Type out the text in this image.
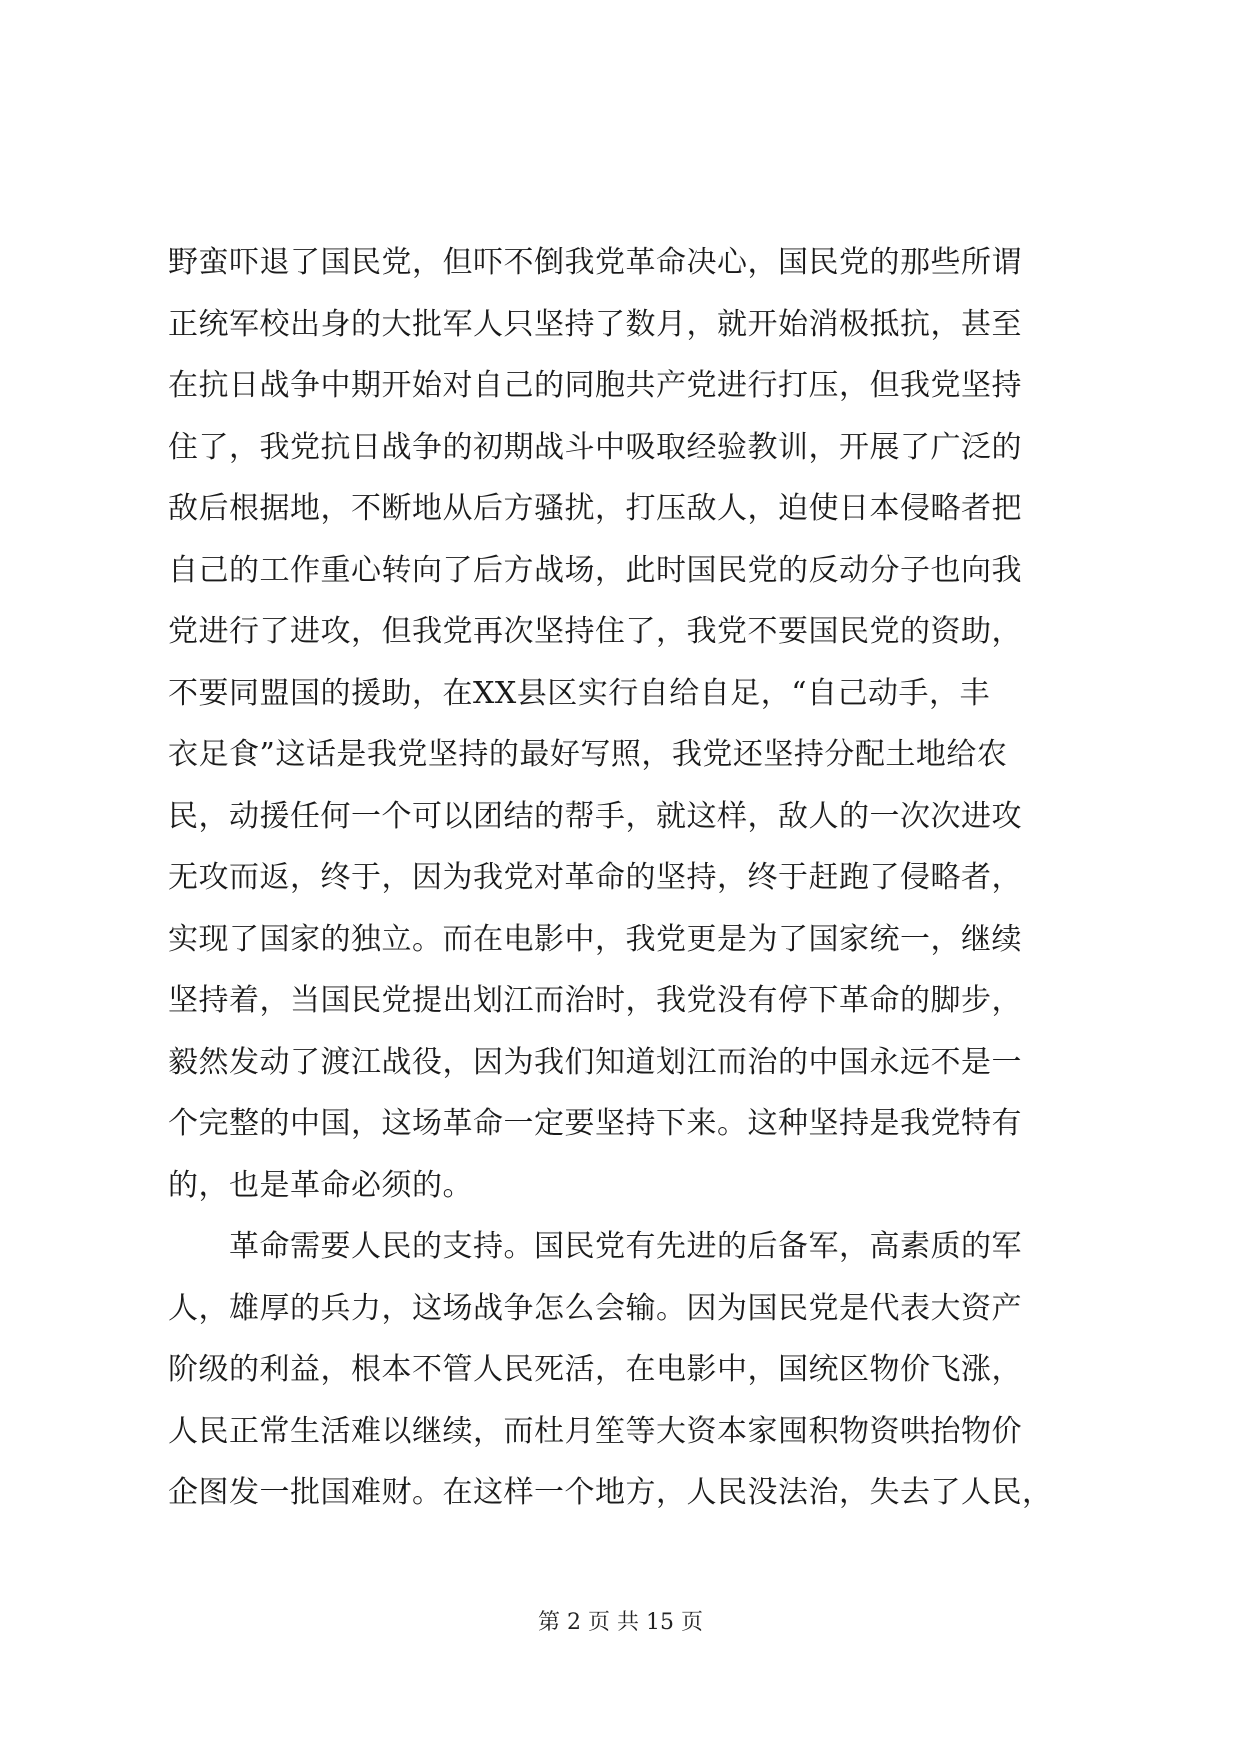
野蛮吓退了国民党，但吓不倒我党革命决心，国民党的那些所谓
正统军校出身的大批军人只坚持了数月，就开始消极抵抗，甚至
在抗日战争中期开始对自己的同胞共产党进行打压，但我党坚持
住了，我党抗日战争的初期战斗中吸取经验教训，开展了广泛的
敌后根据地，不断地从后方骚扰，打压敌人，迫使日本侵略者把
自己的工作重心转向了后方战场，此时国民党的反动分子也向我
党进行了进攻，但我党再次坚持住了，我党不要国民党的资助，
不要同盟国的援助，在XX县区实行自给自足，“自己动手，丰
衣足食”这话是我党坚持的最好写照，我党还坚持分配土地给农
民，动援任何一个可以团结的帮手，就这样，敌人的一次次进攻
无攻而返，终于，因为我党对革命的坚持，终于赶跑了侵略者，
实现了国家的独立。而在电影中，我党更是为了国家统一，继续
坚持着，当国民党提出划江而治时，我党没有停下革命的脚步，
毅然发动了渡江战役，因为我们知道划江而治的中国永远不是一
个完整的中国，这场革命一定要坚持下来。这种坚持是我党特有
的，也是革命必须的。
革命需要人民的支持。国民党有先进的后备军，高素质的军
人，雄厚的兵力，这场战争怎么会输。因为国民党是代表大资产
阶级的利益，根本不管人民死活，在电影中，国统区物价飞涨，
人民正常生活难以继续，而杜月笙等大资本家囤积物资哄抬物价
企图发一批国难财。在这样一个地方，人民没法治，失去了人民，
第 2 页 共 15 页
